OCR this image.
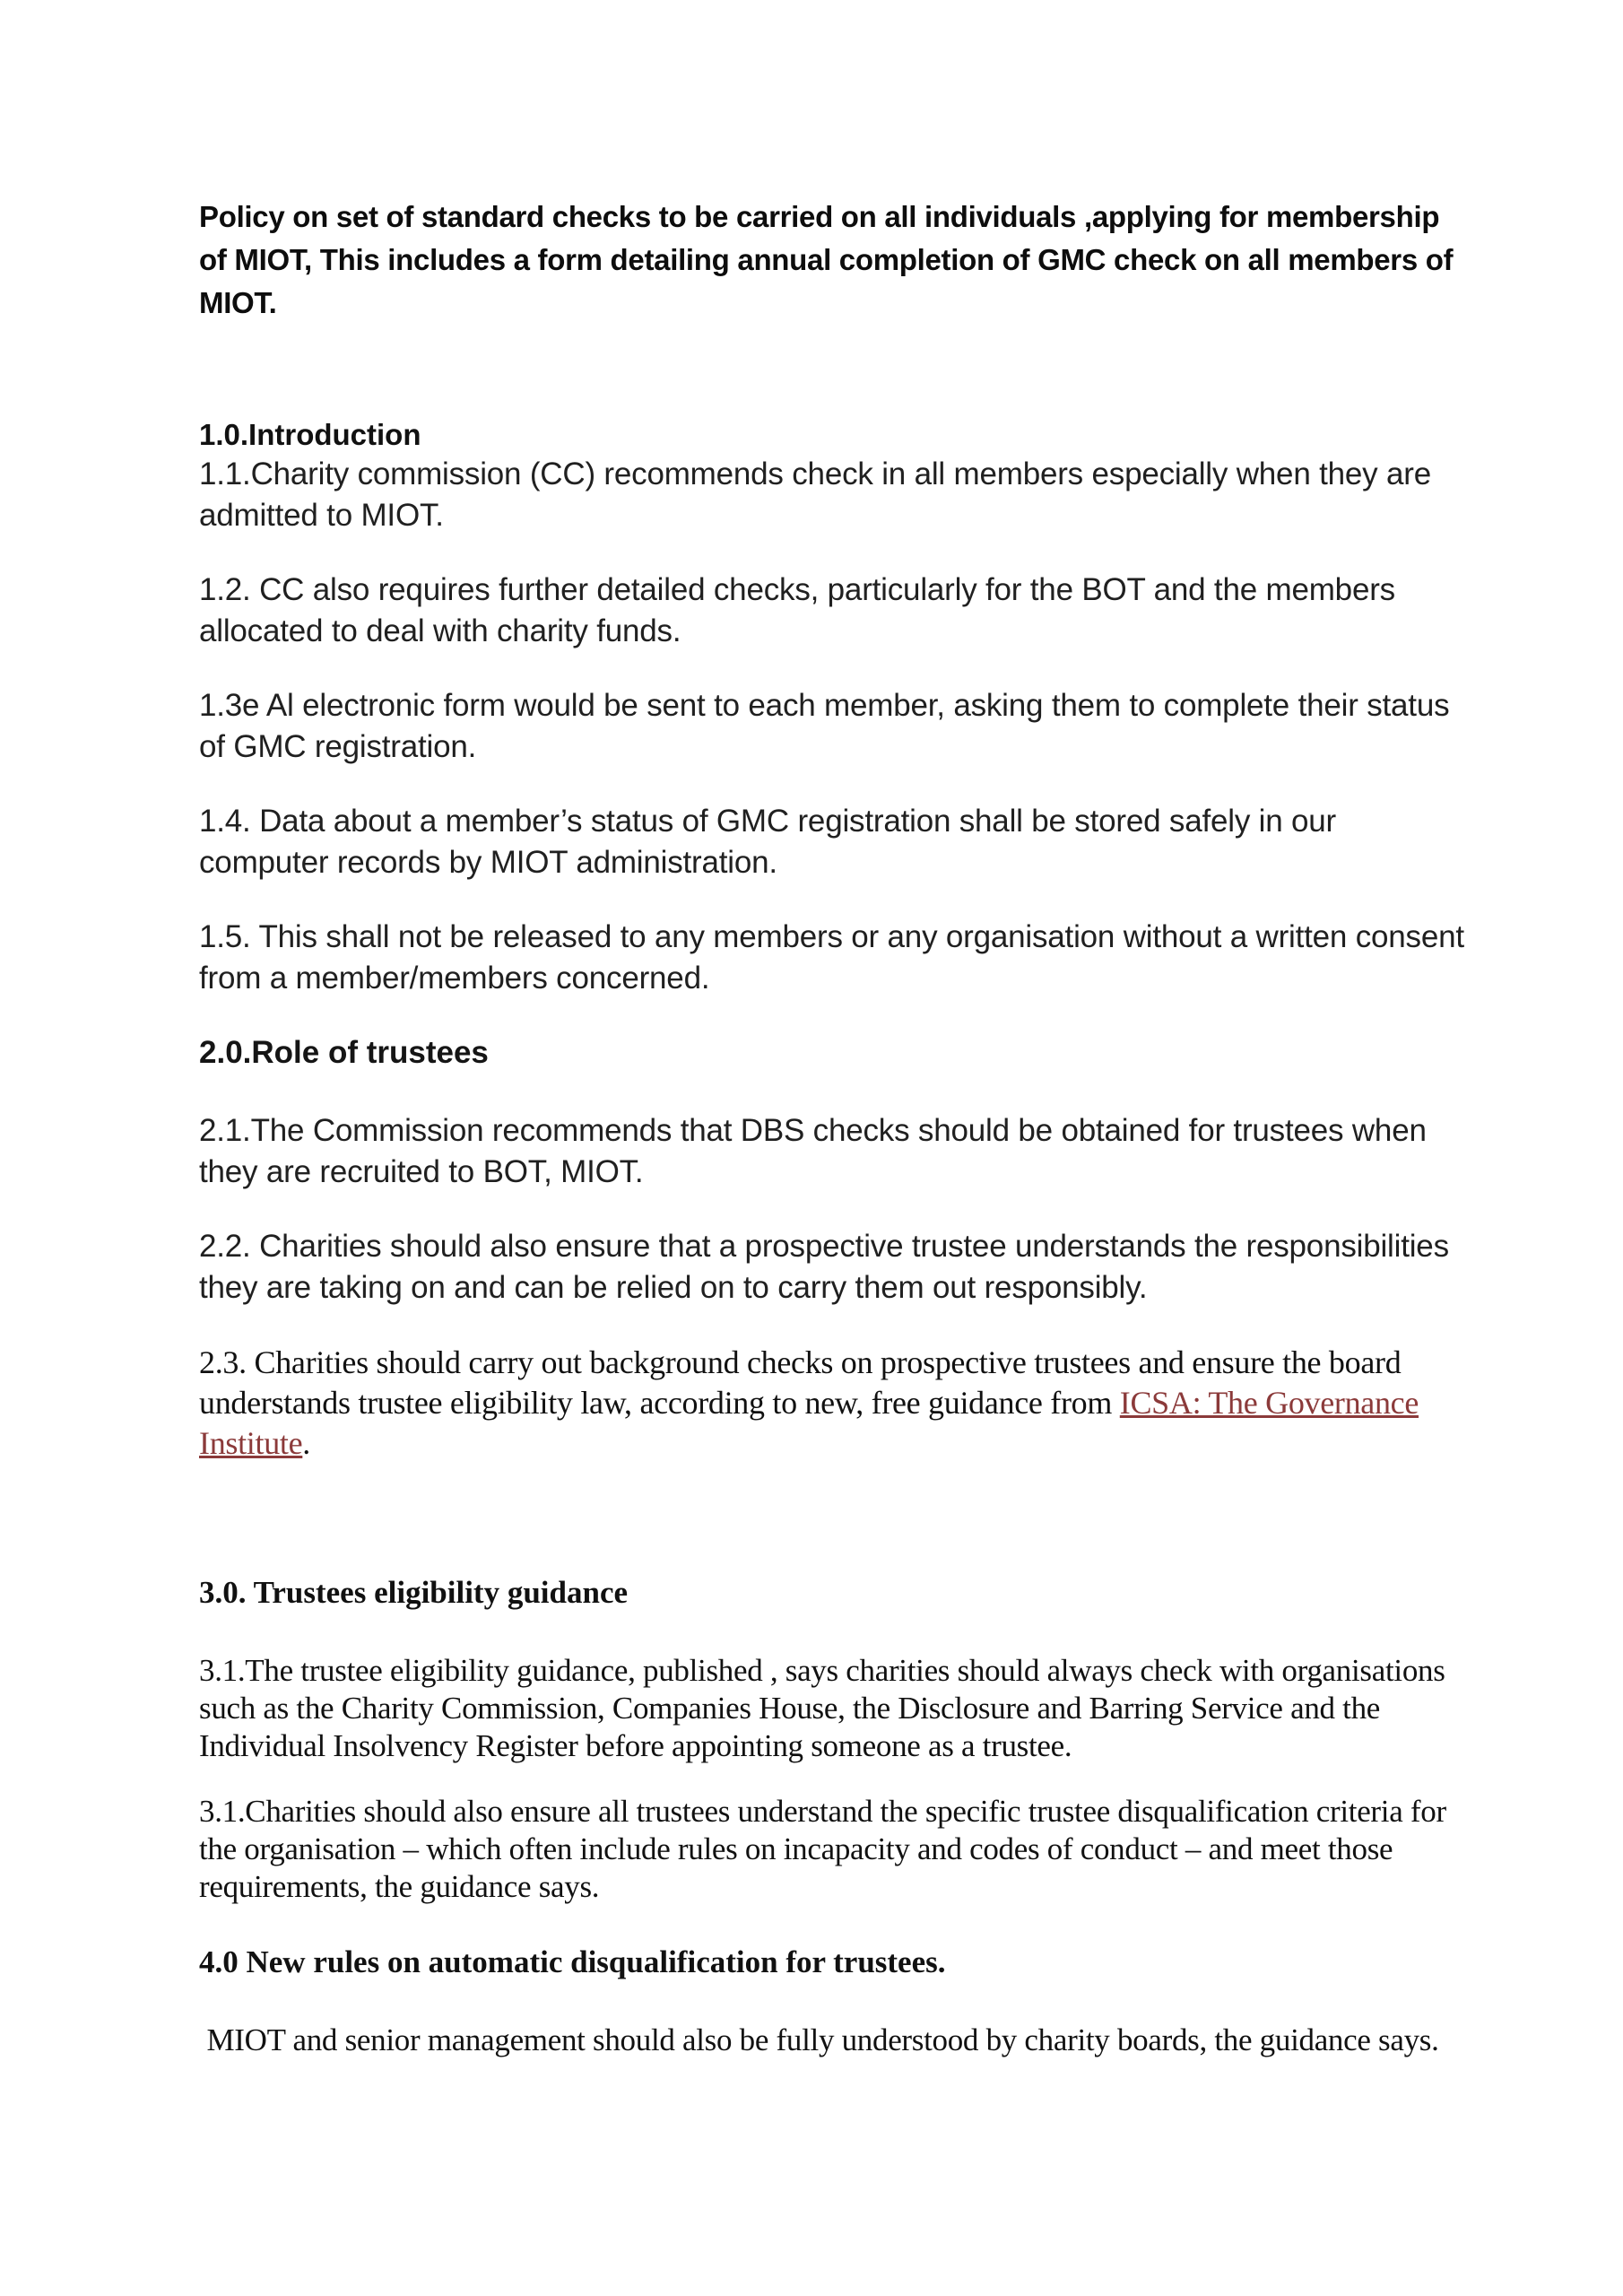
Policy on set of standard checks to be carried on all individuals ,applying for membership of MIOT, This includes a form detailing annual completion of GMC check on all members of MIOT.

1.0.Introduction

1.1.Charity commission (CC) recommends check in all members especially when they are admitted to MIOT.

1.2. CC also requires further detailed checks, particularly for the BOT and the members allocated to deal with charity funds.

1.3e Al electronic form would be sent to each member, asking them to complete their status of GMC registration.

1.4. Data about a member’s status of GMC registration shall be stored safely in our computer records by MIOT administration.

1.5. This shall not be released to any members or any organisation without a written consent from a member/members concerned.

2.0.Role of trustees

2.1.The Commission recommends that DBS checks should be obtained for trustees when they are recruited to BOT, MIOT.

2.2. Charities should also ensure that a prospective trustee understands the responsibilities they are taking on and can be relied on to carry them out responsibly.

2.3. Charities should carry out background checks on prospective trustees and ensure the board understands trustee eligibility law, according to new, free guidance from ICSA: The Governance Institute.

3.0. Trustees eligibility guidance

3.1.The trustee eligibility guidance, published , says charities should always check with organisations such as the Charity Commission, Companies House, the Disclosure and Barring Service and the Individual Insolvency Register before appointing someone as a trustee.

3.1.Charities should also ensure all trustees understand the specific trustee disqualification criteria for the organisation – which often include rules on incapacity and codes of conduct – and meet those requirements, the guidance says.

4.0 New rules on automatic disqualification for trustees.

MIOT and senior management should also be fully understood by charity boards, the guidance says.
